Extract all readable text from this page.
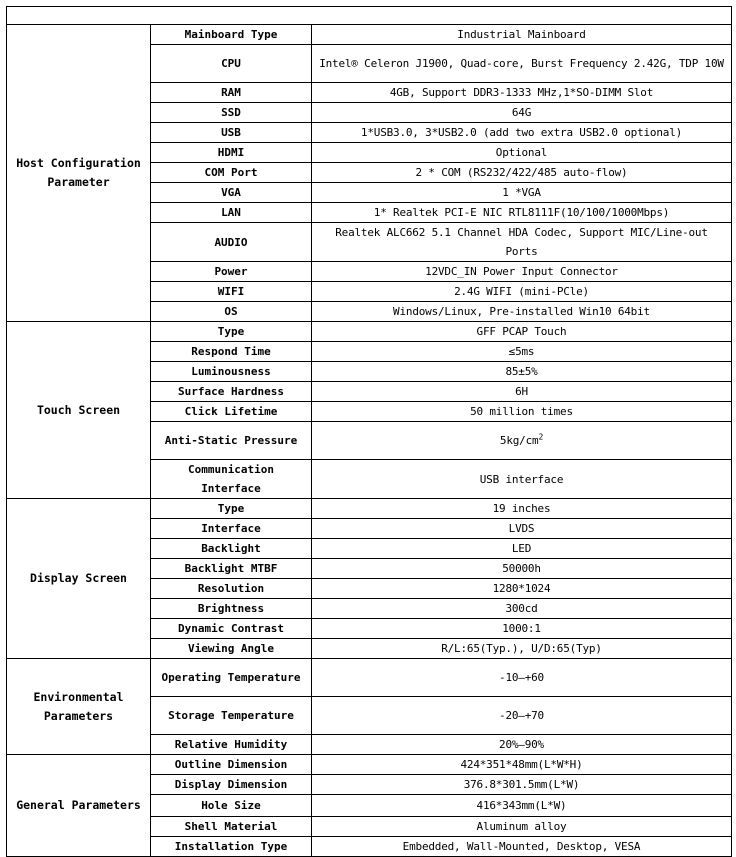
Host Configuration Parameter	Mainboard Type	Industrial Mainboard
	CPU	Intel® Celeron J1900, Quad-core, Burst Frequency 2.42G, TDP 10W
	RAM	4GB, Support DDR3-1333 MHz,1*SO-DIMM Slot
	SSD	64G
	USB	1*USB3.0, 3*USB2.0 (add two extra USB2.0 optional)
	HDMI	Optional
	COM Port	2 * COM (RS232/422/485 auto-flow)
	VGA	1 *VGA
	LAN	1* Realtek PCI-E NIC RTL8111F(10/100/1000Mbps)
	AUDIO	Realtek ALC662 5.1 Channel HDA Codec, Support MIC/Line-out Ports
	Power	12VDC_IN Power Input Connector
	WIFI	2.4G WIFI (mini-PCle)
	OS	Windows/Linux, Pre-installed Win10 64bit
Touch Screen	Type	GFF PCAP Touch
	Respond Time	≤5ms
	Luminousness	85±5%
	Surface Hardness	6H
	Click Lifetime	50 million times
	Anti-Static Pressure	$5kg/cm^2$
	Communication Interface	USB interface
Display Screen	Type	19 inches
	Interface	LVDS
	Backlight	LED
	Backlight MTBF	50000h
	Resolution	1280*1024
	Brightness	300cd
	Dynamic Contrast	1000:1
	Viewing Angle	R/L:65(Typ.), U/D:65(Typ)
Environmental Parameters	Operating Temperature	-10—+60
	Storage Temperature	-20—+70
	Relative Humidity	20%—90%
General Parameters	Outline Dimension	424*351*48mm(L*W*H)
	Display Dimension	376.8*301.5mm(L*W)
	Hole Size	416*343mm(L*W)
	Shell Material	Aluminum alloy
	Installation Type	Embedded, Wall-Mounted, Desktop, VESA
